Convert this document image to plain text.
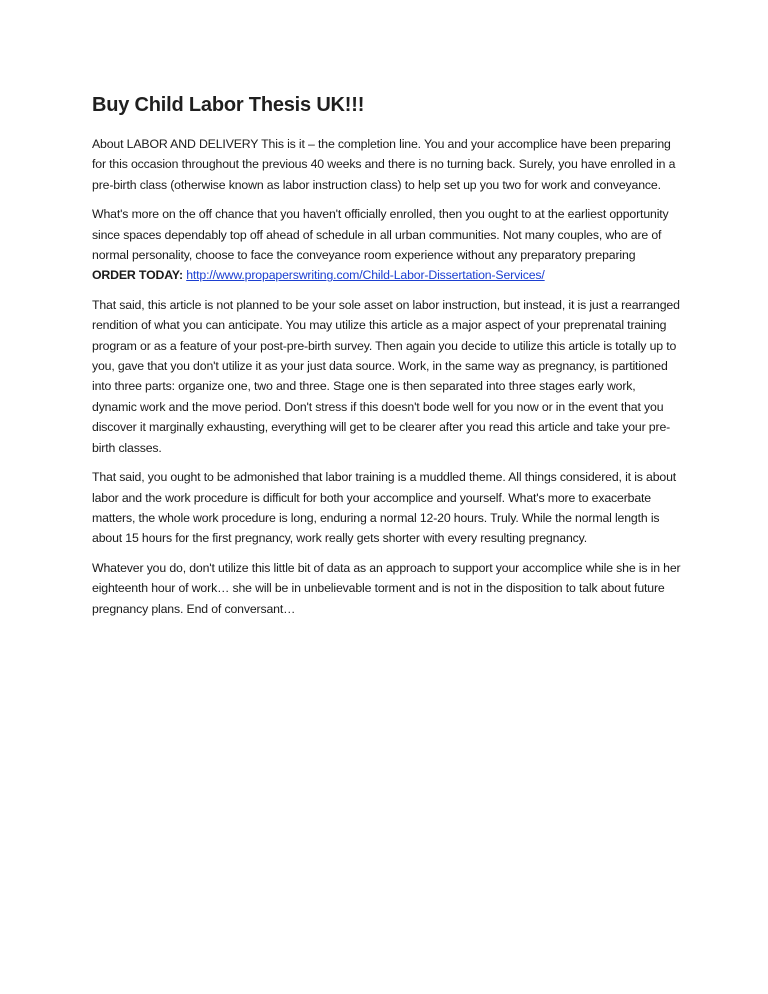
Buy Child Labor Thesis UK!!!

About LABOR AND DELIVERY This is it – the completion line. You and your accomplice have been preparing for this occasion throughout the previous 40 weeks and there is no turning back. Surely, you have enrolled in a pre-birth class (otherwise known as labor instruction class) to help set up you two for work and conveyance.

What's more on the off chance that you haven't officially enrolled, then you ought to at the earliest opportunity since spaces dependably top off ahead of schedule in all urban communities. Not many couples, who are of normal personality, choose to face the conveyance room experience without any preparatory preparing ORDER TODAY: http://www.propaperswriting.com/Child-Labor-Dissertation-Services/

That said, this article is not planned to be your sole asset on labor instruction, but instead, it is just a rearranged rendition of what you can anticipate. You may utilize this article as a major aspect of your preprenatal training program or as a feature of your post-pre-birth survey. Then again you decide to utilize this article is totally up to you, gave that you don't utilize it as your just data source. Work, in the same way as pregnancy, is partitioned into three parts: organize one, two and three. Stage one is then separated into three stages early work, dynamic work and the move period. Don't stress if this doesn't bode well for you now or in the event that you discover it marginally exhausting, everything will get to be clearer after you read this article and take your pre-birth classes.

That said, you ought to be admonished that labor training is a muddled theme. All things considered, it is about labor and the work procedure is difficult for both your accomplice and yourself. What's more to exacerbate matters, the whole work procedure is long, enduring a normal 12-20 hours. Truly. While the normal length is about 15 hours for the first pregnancy, work really gets shorter with every resulting pregnancy.

Whatever you do, don't utilize this little bit of data as an approach to support your accomplice while she is in her eighteenth hour of work… she will be in unbelievable torment and is not in the disposition to talk about future pregnancy plans. End of conversant…
